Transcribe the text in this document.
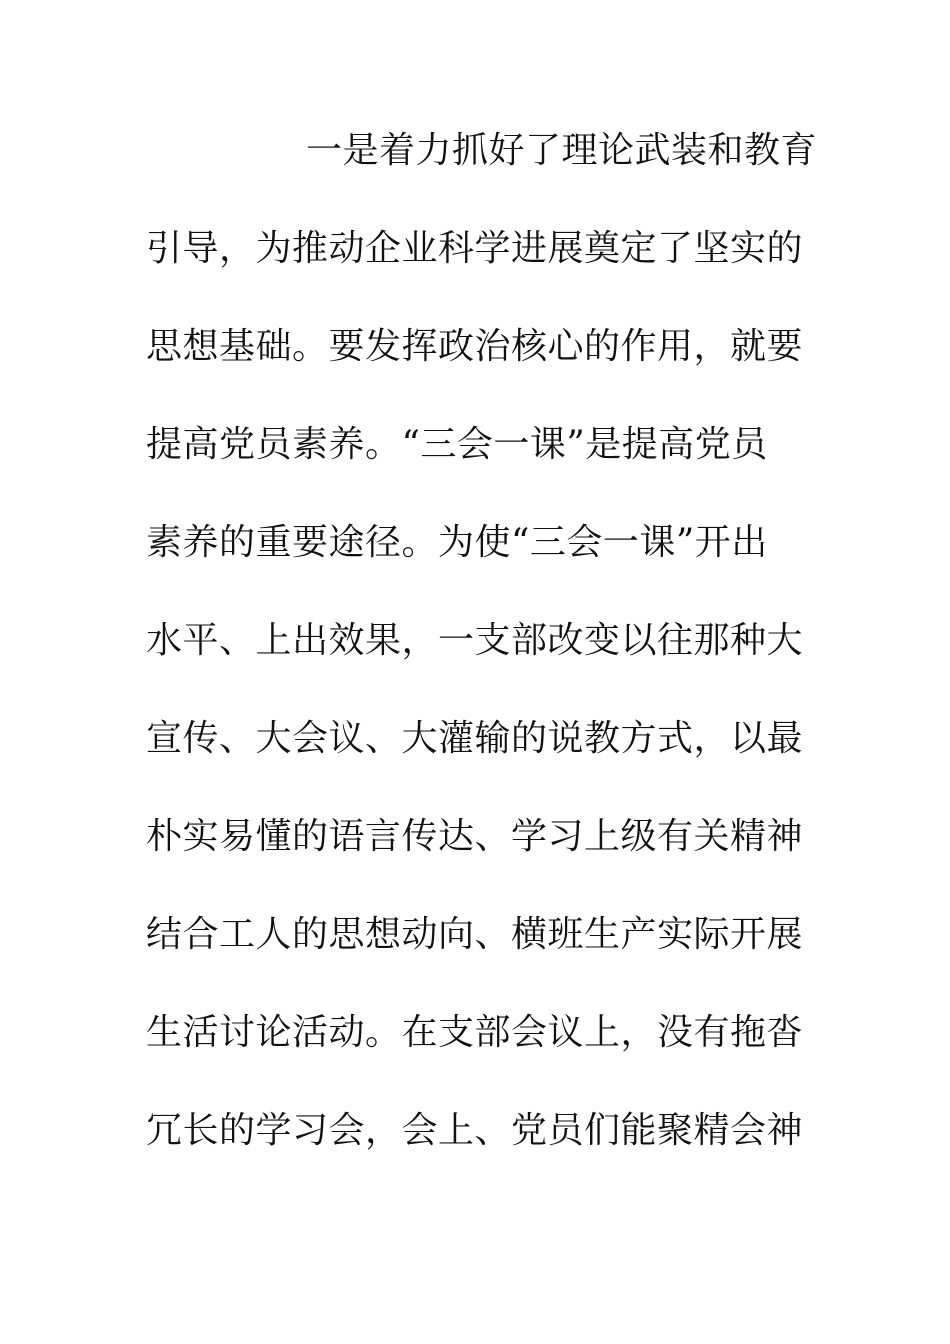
一是着力抓好了理论武装和教育
引导，为推动企业科学进展奠定了坚实的
思想基础。要发挥政治核心的作用，就要
提高党员素养。“三会一课”是提高党员
素养的重要途径。为使“三会一课”开出
水平、上出效果，一支部改变以往那种大
宣传、大会议、大灌输的说教方式，以最
朴实易懂的语言传达、学习上级有关精神
结合工人的思想动向、横班生产实际开展
生活讨论活动。在支部会议上，没有拖沓
冗长的学习会，会上、党员们能聚精会神
